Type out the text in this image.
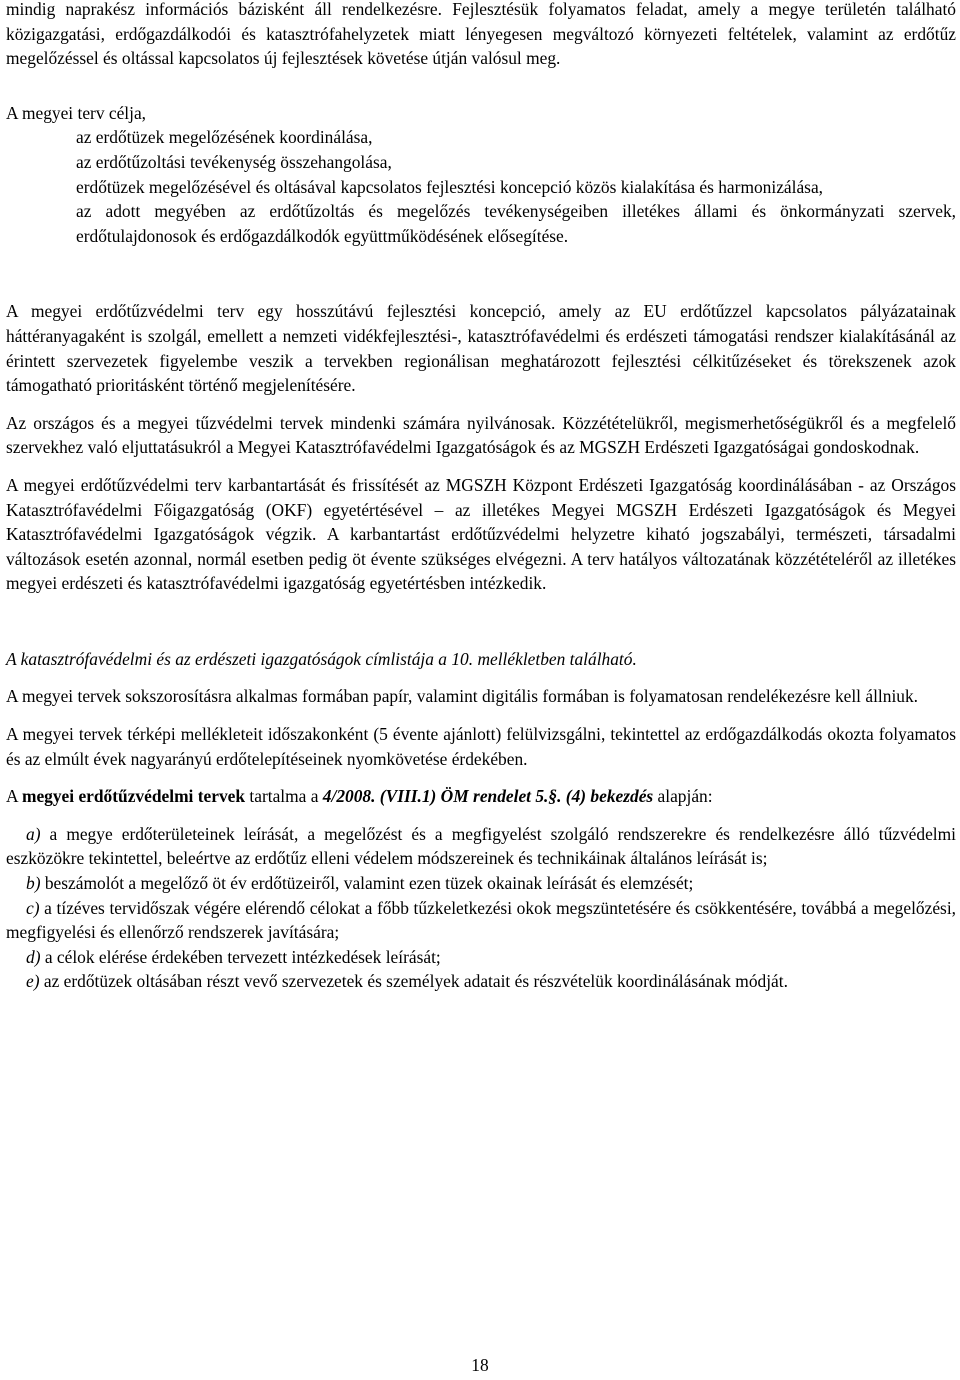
mindig naprakész információs bázisként áll rendelkezésre. Fejlesztésük folyamatos feladat, amely a megye területén található közigazgatási, erdőgazdálkodói és katasztrófahelyzetek miatt lényegesen megváltozó környezeti feltételek, valamint az erdőtűz megelőzéssel és oltással kapcsolatos új fejlesztések követése útján valósul meg.

A megyei terv célja,

az erdőtüzek megelőzésének koordinálása,

az erdőtűzoltási tevékenység összehangolása,

erdőtüzek megelőzésével és oltásával kapcsolatos fejlesztési koncepció közös kialakítása és harmonizálása,

az adott megyében az erdőtűzoltás és megelőzés tevékenységeiben illetékes állami és önkormányzati szervek, erdőtulajdonosok és erdőgazdálkodók együttműködésének elősegítése.

A megyei erdőtűzvédelmi terv egy hosszútávú fejlesztési koncepció, amely az EU erdőtűzzel kapcsolatos pályázatainak háttéranyagaként is szolgál, emellett a nemzeti vidékfejlesztési-, katasztrófavédelmi és erdészeti támogatási rendszer kialakításánál az érintett szervezetek figyelembe veszik a tervekben regionálisan meghatározott fejlesztési célkitűzéseket és törekszenek azok támogatható prioritásként történő megjelenítésére.

Az országos és a megyei tűzvédelmi tervek mindenki számára nyilvánosak. Közzétételükről, megismerhetőségükről és a megfelelő szervekhez való eljuttatásukról a Megyei Katasztrófavédelmi Igazgatóságok és az MGSZH Erdészeti Igazgatóságai gondoskodnak.

A megyei erdőtűzvédelmi terv karbantartását és frissítését az MGSZH Központ Erdészeti Igazgatóság koordinálásában - az Országos Katasztrófavédelmi Főigazgatóság (OKF) egyetértésével – az illetékes Megyei MGSZH Erdészeti Igazgatóságok és Megyei Katasztrófavédelmi Igazgatóságok végzik. A karbantartást erdőtűzvédelmi helyzetre kiható jogszabályi, természeti, társadalmi változások esetén azonnal, normál esetben pedig öt évente szükséges elvégezni. A terv hatályos változatának közzétételéről az illetékes megyei erdészeti és katasztrófavédelmi igazgatóság egyetértésben intézkedik.

A katasztrófavédelmi és az erdészeti igazgatóságok címlistája a 10. mellékletben található.

A megyei tervek sokszorosításra alkalmas formában papír, valamint digitális formában is folyamatosan rendelékezésre kell állniuk.

A megyei tervek térképi mellékleteit időszakonként (5 évente ajánlott) felülvizsgálni, tekintettel az erdőgazdálkodás okozta folyamatos és az elmúlt évek nagyarányú erdőtelepítéseinek nyomkövetése érdekében.

A megyei erdőtűzvédelmi tervek tartalma a 4/2008. (VIII.1) ÖM rendelet 5.§. (4) bekezdés alapján:

a) a megye erdőterületeinek leírását, a megelőzést és a megfigyelést szolgáló rendszerekre és rendelkezésre álló tűzvédelmi eszközökre tekintettel, beleértve az erdőtűz elleni védelem módszereinek és technikáinak általános leírását is;

b) beszámolót a megelőző öt év erdőtüzeiről, valamint ezen tüzek okainak leírását és elemzését;

c) a tízéves tervidőszak végére elérendő célokat a főbb tűzkeletkezési okok megszüntetésére és csökkentésére, továbbá a megelőzési, megfigyelési és ellenőrző rendszerek javítására;

d) a célok elérése érdekében tervezett intézkedések leírását;

e) az erdőtüzek oltásában részt vevő szervezetek és személyek adatait és részvételük koordinálásának módját.

18
